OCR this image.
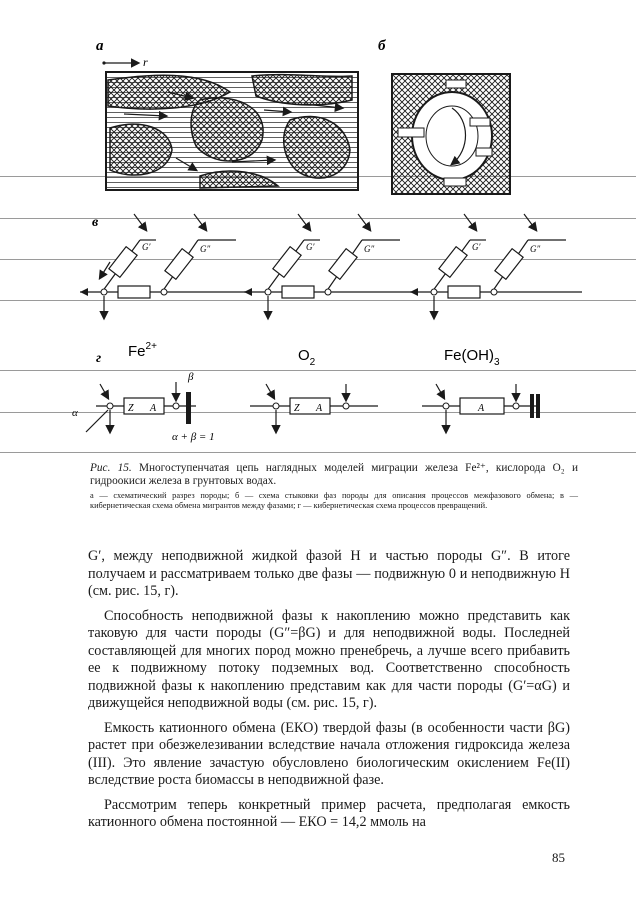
а
r
б
в
G′	G″	G′	G″	G′	G″
г $Fe^{2+}$
$O_2$	$Fe(OH)_3$
Z A
α
β
α + β = 1
Z A	A
Рис. 15. Многоступенчатая цепь наглядных моделей миграции железа Fe²⁺, кислорода O₂ и гидроокиси железа в грунтовых водах.

а — схематический разрез породы; б — схема стыковки фаз породы для описания процессов межфазового обмена; в — кибернетическая схема обмена мигрантов между фазами; г — кибернетическая схема процессов превращений.

G′, между неподвижной жидкой фазой H и частью породы G″. В итоге получаем и рассматриваем только две фазы — подвижную 0 и неподвижную H (см. рис. 15, г).

Способность неподвижной фазы к накоплению можно представить как таковую для части породы (G″=βG) и для неподвижной воды. Последней составляющей для многих пород можно пренебречь, а лучше всего прибавить ее к подвижному потоку подземных вод. Соответственно способность подвижной фазы к накоплению представим как для части породы (G′=αG) и движущейся неподвижной воды (см. рис. 15, г).

Емкость катионного обмена (ЕКО) твердой фазы (в особенности части βG) растет при обезжелезивании вследствие начала отложения гидроксида железа (III). Это явление зачастую обусловлено биологическим окислением Fe(II) вследствие роста биомассы в неподвижной фазе.

Рассмотрим теперь конкретный пример расчета, предполагая емкость катионного обмена постоянной — ЕКО = 14,2 ммоль на

85
